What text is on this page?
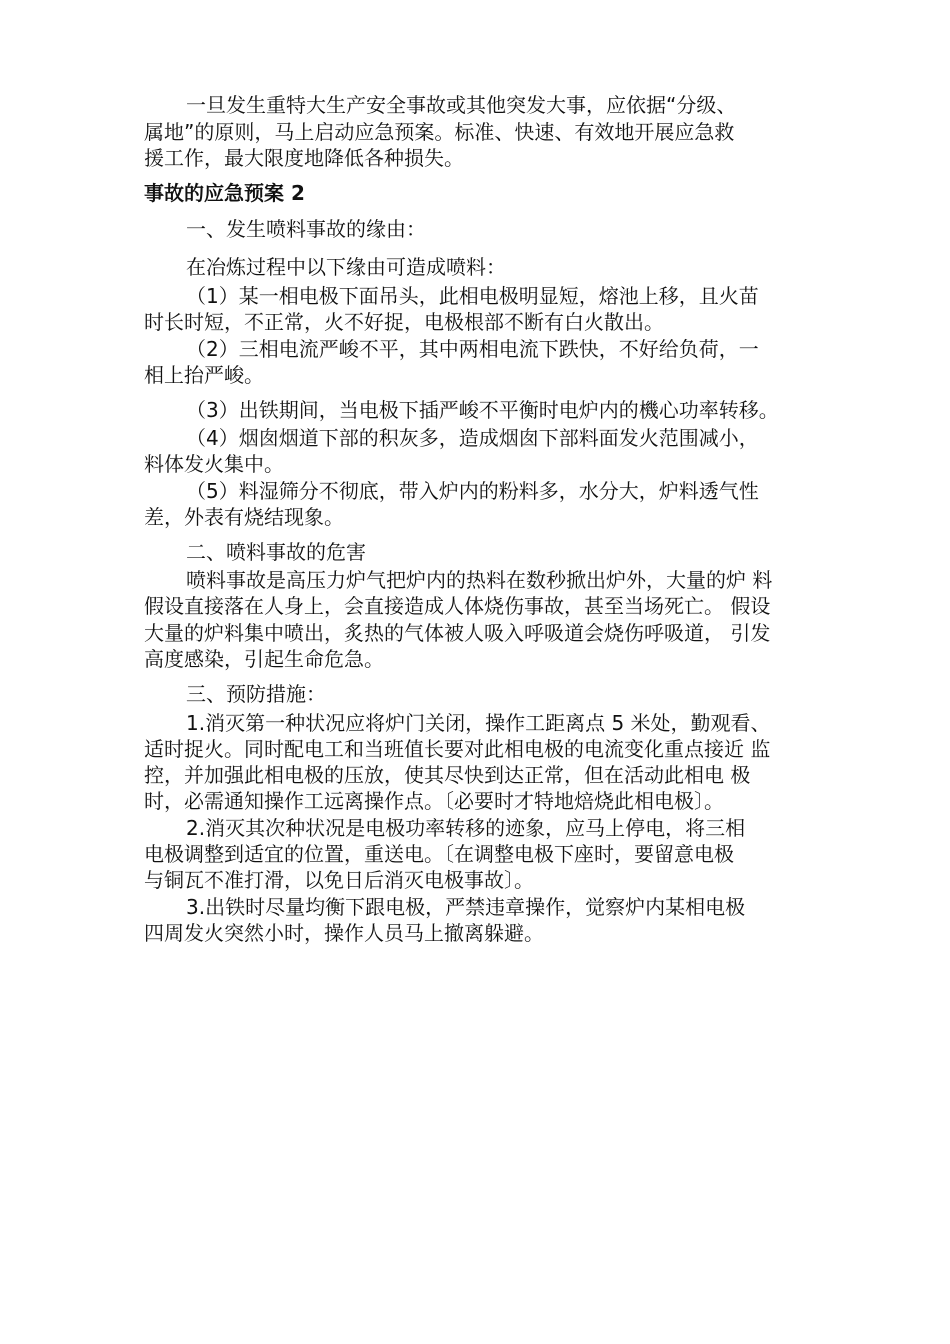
一旦发生重特大生产安全事故或其他突发大事，应依据“分级、
属地”的原则，马上启动应急预案。标准、快速、有效地开展应急救
援工作，最大限度地降低各种损失。
事故的应急预案 2
一、发生喷料事故的缘由：
在冶炼过程中以下缘由可造成喷料：
（1）某一相电极下面吊头，此相电极明显短，熔池上移，且火苗
时长时短，不正常，火不好捉，电极根部不断有白火散出。
（2）三相电流严峻不平，其中两相电流下跌快，不好给负荷，一
相上抬严峻。
（3）出铁期间，当电极下插严峻不平衡时电炉内的機心功率转移。
（4）烟囱烟道下部的积灰多，造成烟囱下部料面发火范围减小，
料体发火集中。
（5）料湿筛分不彻底，带入炉内的粉料多，水分大，炉料透气性
差，外表有烧结现象。
二、喷料事故的危害
喷料事故是高压力炉气把炉内的热料在数秒掀出炉外，大量的炉 料
假设直接落在人身上，会直接造成人体烧伤事故，甚至当场死亡。 假设
大量的炉料集中喷出，炙热的气体被人吸入呼吸道会烧伤呼吸道， 引发
高度感染，引起生命危急。
三、预防措施：
1.消灭第一种状况应将炉门关闭，操作工距离点 5 米处，勤观看、
适时捉火。同时配电工和当班值长要对此相电极的电流变化重点接近 监
控，并加强此相电极的压放，使其尽快到达正常，但在活动此相电 极
时，必需通知操作工远离操作点。〔必要时才特地焙烧此相电极〕。
2.消灭其次种状况是电极功率转移的迹象，应马上停电，将三相
电极调整到适宜的位置，重送电。〔在调整电极下座时，要留意电极
与铜瓦不准打滑，以免日后消灭电极事故〕。
3.出铁时尽量均衡下跟电极，严禁违章操作，觉察炉内某相电极
四周发火突然小时，操作人员马上撤离躲避。
